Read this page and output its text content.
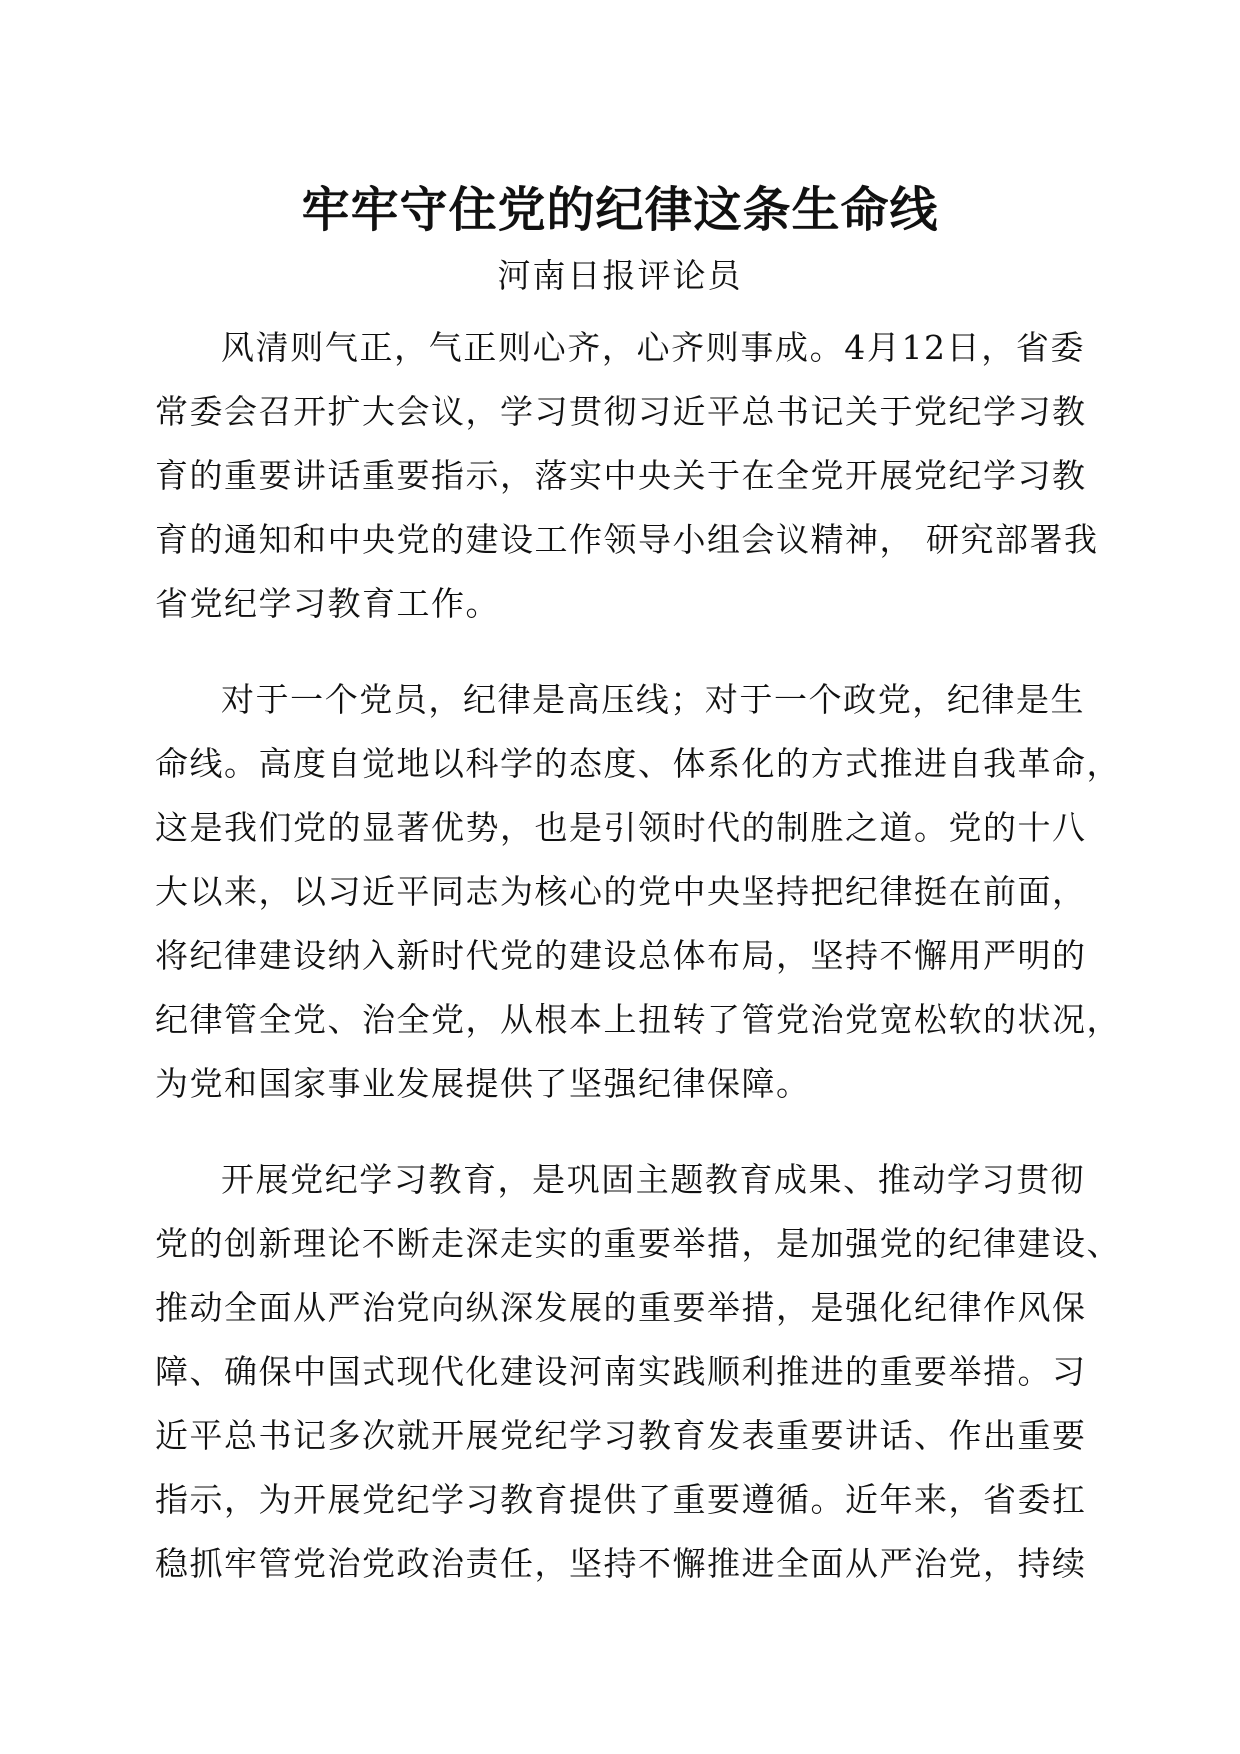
牢牢守住党的纪律这条生命线
河南日报评论员
风清则气正，气正则心齐，心齐则事成。4月12日，省委
常委会召开扩大会议，学习贯彻习近平总书记关于党纪学习教
育的重要讲话重要指示，落实中央关于在全党开展党纪学习教
育的通知和中央党的建设工作领导小组会议精神， 研究部署我
省党纪学习教育工作。
对于一个党员，纪律是高压线；对于一个政党，纪律是生
命线。高度自觉地以科学的态度、体系化的方式推进自我革命，
这是我们党的显著优势，也是引领时代的制胜之道。党的十八
大以来，以习近平同志为核心的党中央坚持把纪律挺在前面，
将纪律建设纳入新时代党的建设总体布局，坚持不懈用严明的
纪律管全党、治全党，从根本上扭转了管党治党宽松软的状况，
为党和国家事业发展提供了坚强纪律保障。
开展党纪学习教育，是巩固主题教育成果、推动学习贯彻
党的创新理论不断走深走实的重要举措，是加强党的纪律建设、
推动全面从严治党向纵深发展的重要举措，是强化纪律作风保
障、确保中国式现代化建设河南实践顺利推进的重要举措。习
近平总书记多次就开展党纪学习教育发表重要讲话、作出重要
指示，为开展党纪学习教育提供了重要遵循。近年来，省委扛
稳抓牢管党治党政治责任，坚持不懈推进全面从严治党，持续
